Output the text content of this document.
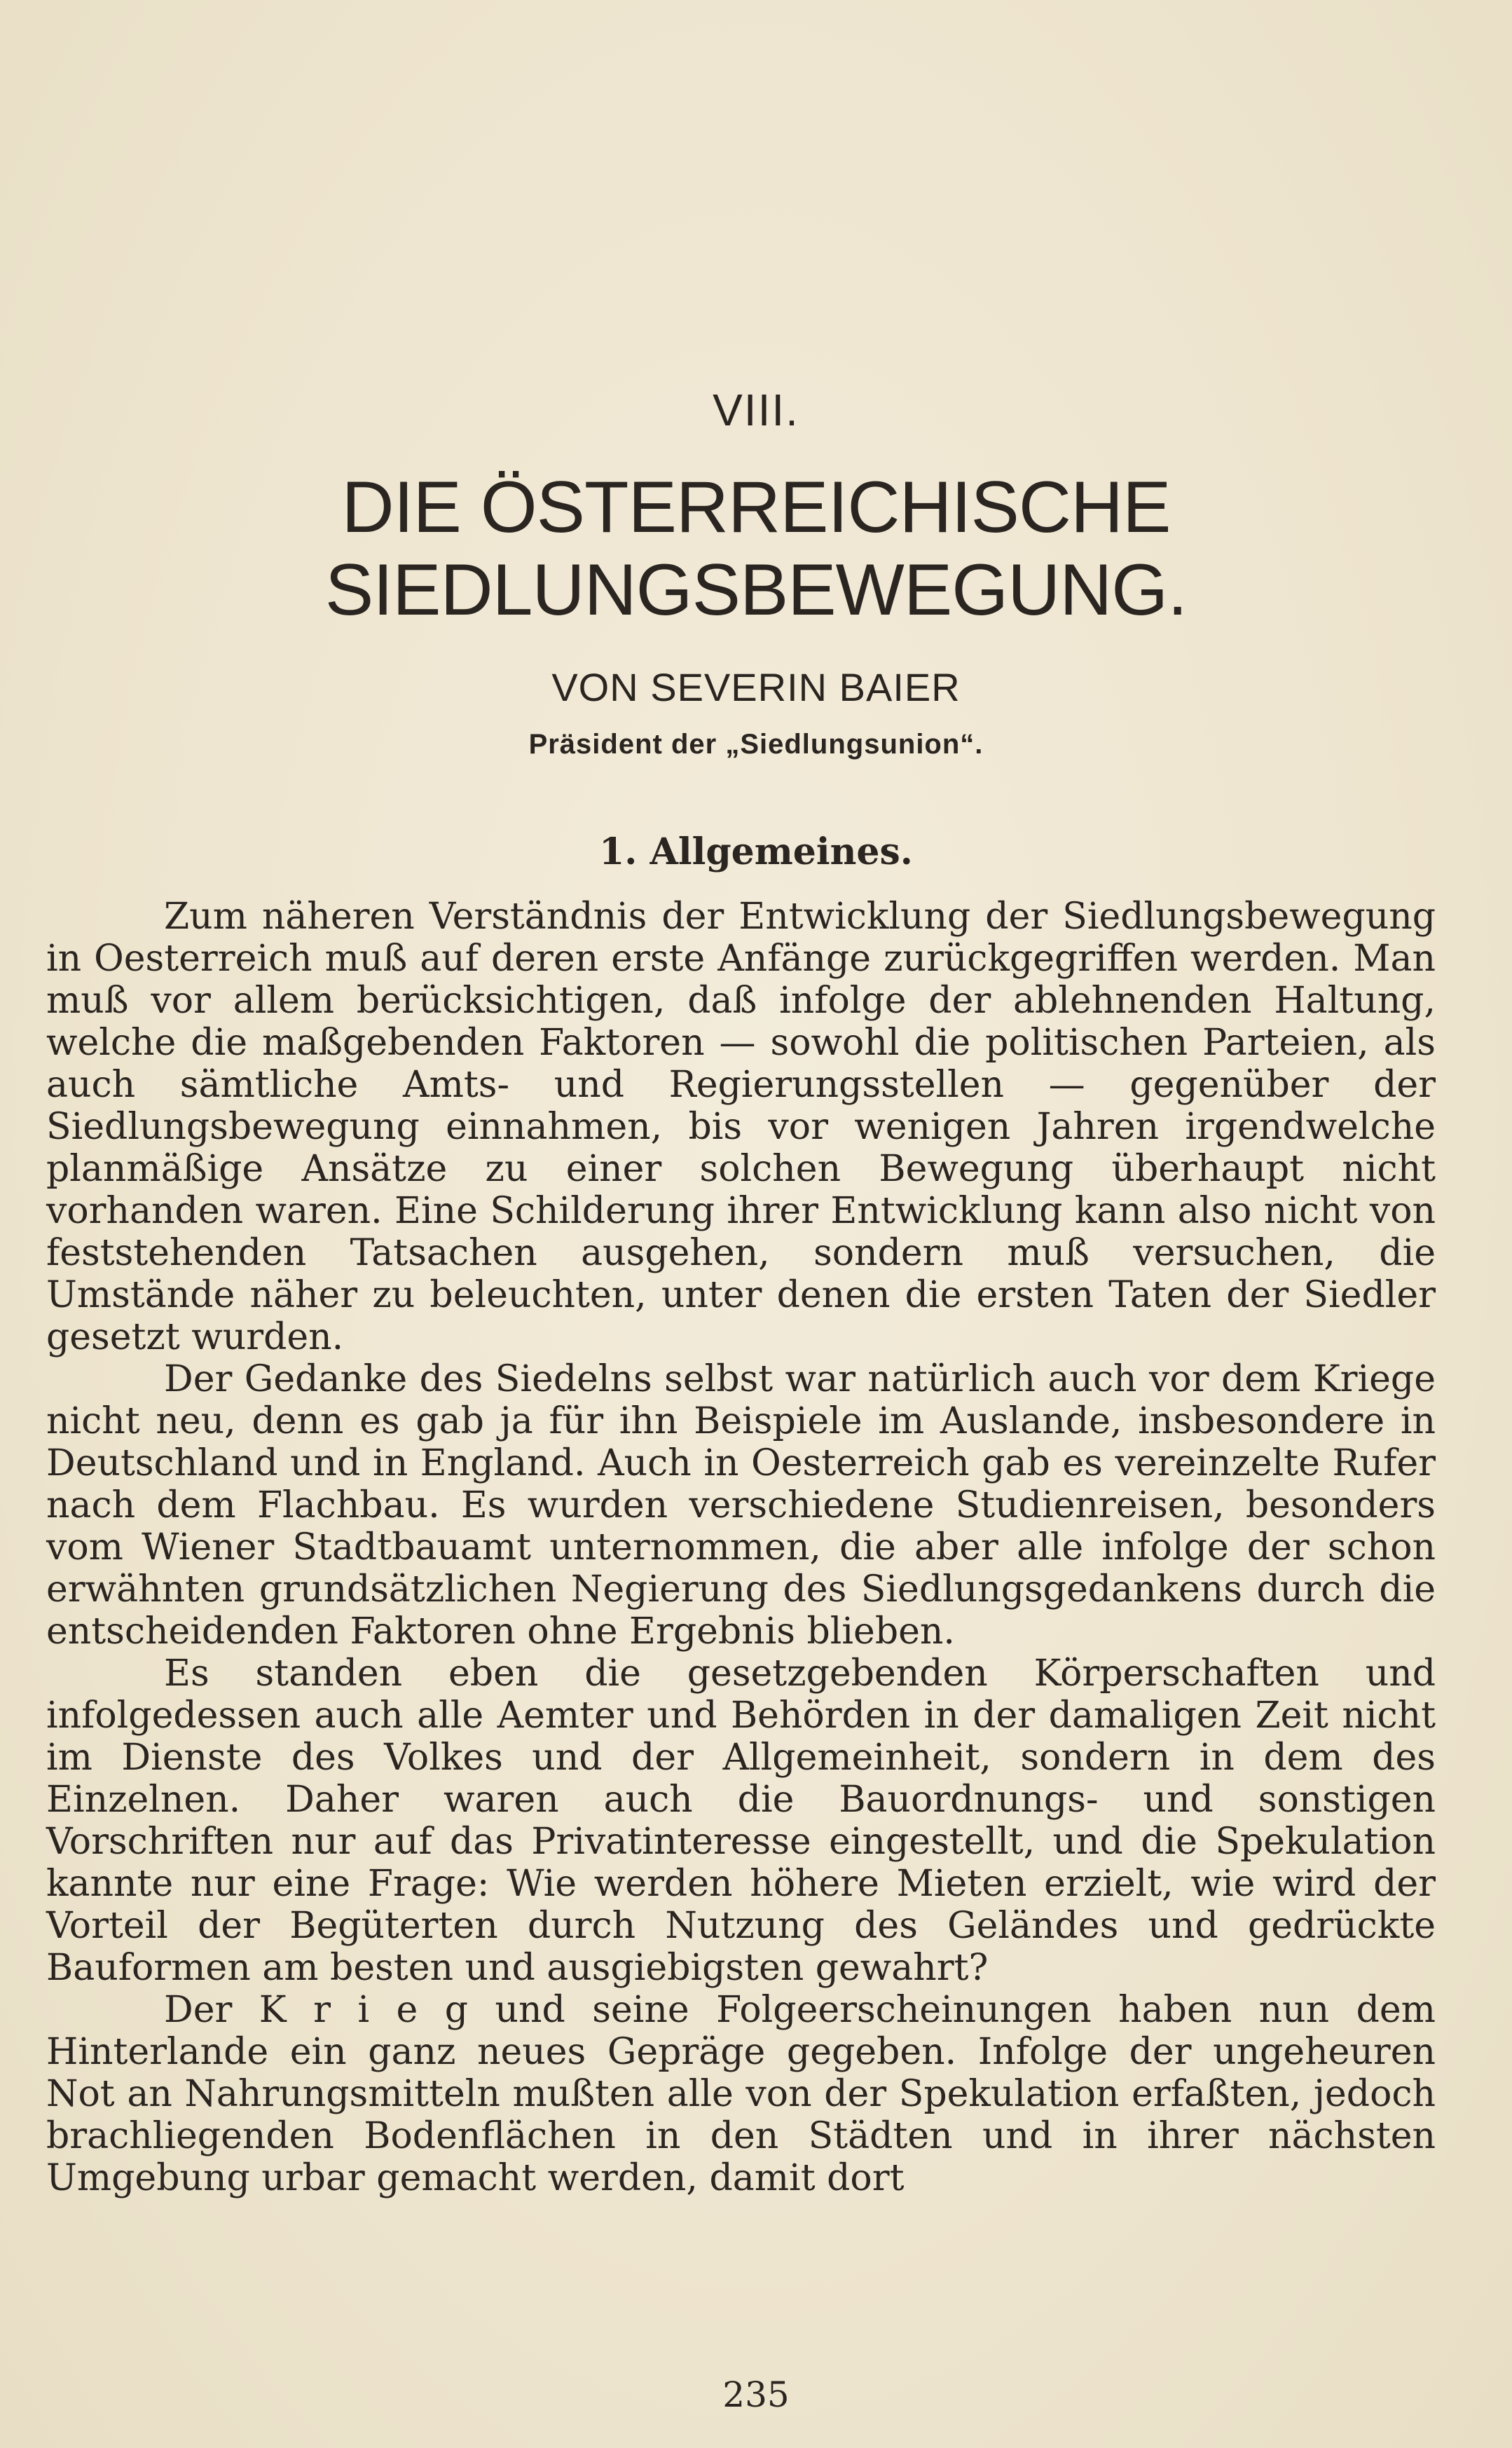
VIII.
DIE ÖSTERREICHISCHE
SIEDLUNGSBEWEGUNG.
VON SEVERIN BAIER
Präsident der „Siedlungsunion“.
1. Allgemeines.

Zum näheren Verständnis der Entwicklung der Siedlungsbewegung in Oesterreich muß auf deren erste Anfänge zurückgegriffen werden. Man muß vor allem berücksichtigen, daß infolge der ablehnenden Haltung, welche die maßgebenden Faktoren — sowohl die politischen Parteien, als auch sämtliche Amts- und Regierungsstellen — gegenüber der Siedlungsbewegung einnahmen, bis vor wenigen Jahren irgendwelche planmäßige Ansätze zu einer solchen Bewegung überhaupt nicht vorhanden waren. Eine Schilderung ihrer Entwicklung kann also nicht von feststehenden Tatsachen ausgehen, sondern muß versuchen, die Umstände näher zu beleuchten, unter denen die ersten Taten der Siedler gesetzt wurden.

Der Gedanke des Siedelns selbst war natürlich auch vor dem Kriege nicht neu, denn es gab ja für ihn Beispiele im Auslande, insbesondere in Deutschland und in England. Auch in Oesterreich gab es vereinzelte Rufer nach dem Flachbau. Es wurden verschiedene Studienreisen, besonders vom Wiener Stadtbauamt unternommen, die aber alle infolge der schon erwähnten grundsätzlichen Negierung des Siedlungsgedankens durch die entscheidenden Faktoren ohne Ergebnis blieben.

Es standen eben die gesetzgebenden Körperschaften und infolgedessen auch alle Aemter und Behörden in der damaligen Zeit nicht im Dienste des Volkes und der Allgemeinheit, sondern in dem des Einzelnen. Daher waren auch die Bauordnungs- und sonstigen Vorschriften nur auf das Privatinteresse eingestellt, und die Spekulation kannte nur eine Frage: Wie werden höhere Mieten erzielt, wie wird der Vorteil der Begüterten durch Nutzung des Geländes und gedrückte Bauformen am besten und ausgiebigsten gewahrt?

Der K r i e g und seine Folgeerscheinungen haben nun dem Hinterlande ein ganz neues Gepräge gegeben. Infolge der ungeheuren Not an Nahrungsmitteln mußten alle von der Spekulation erfaßten, jedoch brachliegenden Bodenflächen in den Städten und in ihrer nächsten Umgebung urbar gemacht werden, damit dort

235
